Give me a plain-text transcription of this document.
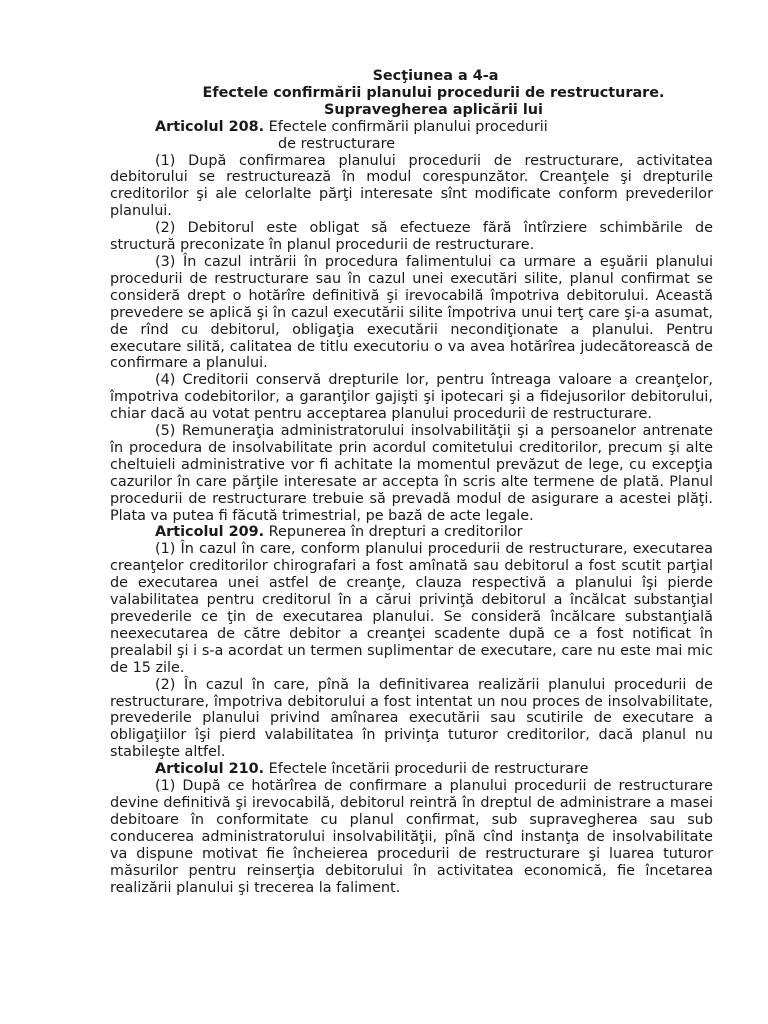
Secţiunea a 4-a
Efectele confirmării planului procedurii de restructurare.
Supravegherea aplicării lui
Articolul 208. Efectele confirmării planului procedurii
de restructurare
(1) După confirmarea planului procedurii de restructurare, activitatea debitorului se restructurează în modul corespunzător. Creanţele şi drepturile creditorilor şi ale celorlalte părţi interesate sînt modificate conform prevederilor planului.
(2) Debitorul este obligat să efectueze fără întîrziere schimbările de structură preconizate în planul procedurii de restructurare.
(3) În cazul intrării în procedura falimentului ca urmare a eşuării planului procedurii de restructurare sau în cazul unei executări silite, planul confirmat se consideră drept o hotărîre definitivă şi irevocabilă împotriva debitorului. Această prevedere se aplică şi în cazul executării silite împotriva unui terţ care şi-a asumat, de rînd cu debitorul, obligaţia executării necondiţionate a planului. Pentru executare silită, calitatea de titlu executoriu o va avea hotărîrea judecătorească de confirmare a planului.
(4) Creditorii conservă drepturile lor, pentru întreaga valoare a creanţelor, împotriva codebitorilor, a garanţilor gajişti şi ipotecari şi a fidejusorilor debitorului, chiar dacă au votat pentru acceptarea planului procedurii de restructurare.
(5) Remuneraţia administratorului insolvabilităţii şi a persoanelor antrenate în procedura de insolvabilitate prin acordul comitetului creditorilor, precum şi alte cheltuieli administrative vor fi achitate la momentul prevăzut de lege, cu excepţia cazurilor în care părţile interesate ar accepta în scris alte termene de plată. Planul procedurii de restructurare trebuie să prevadă modul de asigurare a acestei plăţi. Plata va putea fi făcută trimestrial, pe bază de acte legale.
Articolul 209. Repunerea în drepturi a creditorilor
(1) În cazul în care, conform planului procedurii de restructurare, executarea creanţelor creditorilor chirografari a fost amînată sau debitorul a fost scutit parţial de executarea unei astfel de creanţe, clauza respectivă a planului îşi pierde valabilitatea pentru creditorul în a cărui privinţă debitorul a încălcat substanţial prevederile ce ţin de executarea planului. Se consideră încălcare substanţială neexecutarea de către debitor a creanţei scadente după ce a fost notificat în prealabil şi i s-a acordat un termen suplimentar de executare, care nu este mai mic de 15 zile.
(2) În cazul în care, pînă la definitivarea realizării planului procedurii de restructurare, împotriva debitorului a fost intentat un nou proces de insolvabilitate, prevederile planului privind amînarea executării sau scutirile de executare a obligaţiilor îşi pierd valabilitatea în privinţa tuturor creditorilor, dacă planul nu stabileşte altfel.
Articolul 210. Efectele încetării procedurii de restructurare
(1) După ce hotărîrea de confirmare a planului procedurii de restructurare devine definitivă şi irevocabilă, debitorul reintră în dreptul de administrare a masei debitoare în conformitate cu planul confirmat, sub supravegherea sau sub conducerea administratorului insolvabilităţii, pînă cînd instanţa de insolvabilitate va dispune motivat fie încheierea procedurii de restructurare şi luarea tuturor măsurilor pentru reinserţia debitorului în activitatea economică, fie încetarea realizării planului şi trecerea la faliment.
